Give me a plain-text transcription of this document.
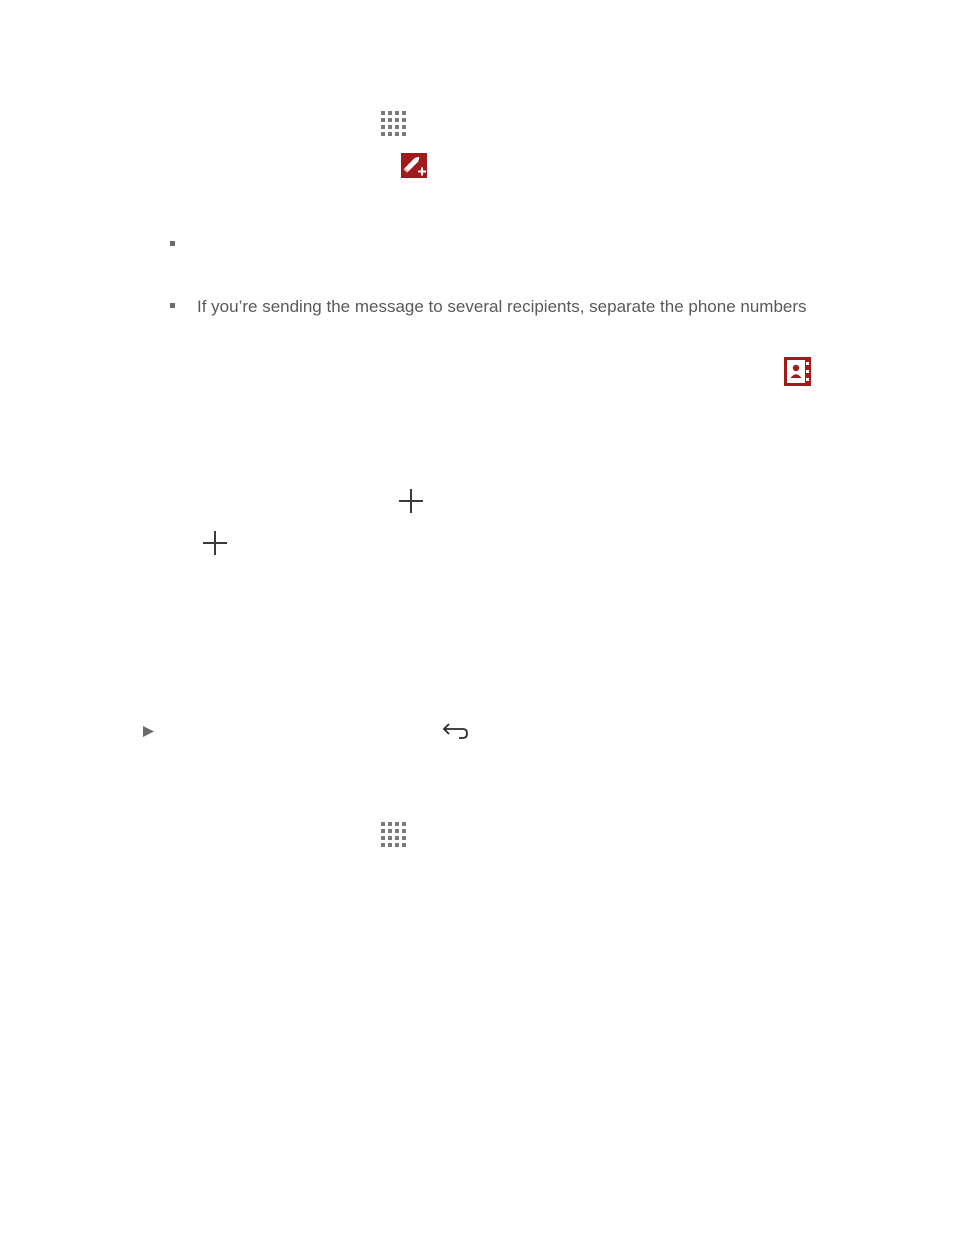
If you’re sending the message to several recipients, separate the phone numbers
